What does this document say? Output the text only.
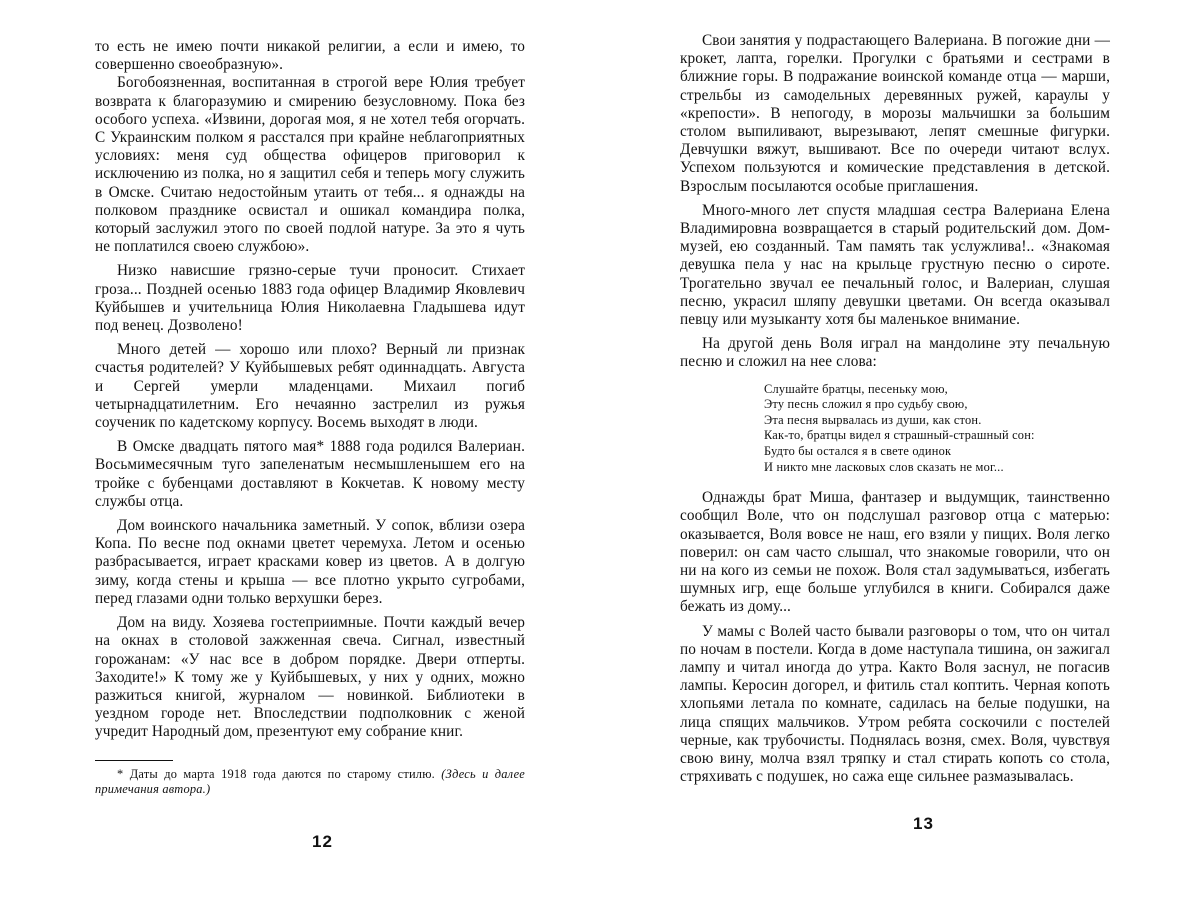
то есть не имею почти никакой религии, а если и имею, то совершенно своеобразную».

Богобоязненная, воспитанная в строгой вере Юлия требует возврата к благоразумию и смирению безусловному. Пока без особого успеха. «Извини, дорогая моя, я не хотел тебя огорчать. С Украинским полком я расстался при крайне неблагоприятных условиях: меня суд общества офицеров приговорил к исключению из полка, но я защитил себя и теперь могу служить в Омске. Считаю недостойным утаить от тебя... я однажды на полковом празднике освистал и ошикал командира полка, который заслужил этого по своей подлой натуре. За это я чуть не поплатился своею службою».

Низко нависшие грязно-серые тучи проносит. Стихает гроза... Поздней осенью 1883 года офицер Владимир Яковлевич Куйбышев и учительница Юлия Николаевна Гладышева идут под венец. Дозволено!

Много детей — хорошо или плохо? Верный ли признак счастья родителей? У Куйбышевых ребят одиннадцать. Августа и Сергей умерли младенцами. Михаил погиб четырнадцатилетним. Его нечаянно застрелил из ружья соученик по кадетскому корпусу. Восемь выходят в люди.

В Омске двадцать пятого мая* 1888 года родился Валериан. Восьмимесячным туго запеленатым несмышленышем его на тройке с бубенцами доставляют в Кокчетав. К новому месту службы отца.

Дом воинского начальника заметный. У сопок, вблизи озера Копа. По весне под окнами цветет черемуха. Летом и осенью разбрасывается, играет красками ковер из цветов. А в долгую зиму, когда стены и крыша — все плотно укрыто сугробами, перед глазами одни только верхушки берез.

Дом на виду. Хозяева гостеприимные. Почти каждый вечер на окнах в столовой зажженная свеча. Сигнал, известный горожанам: «У нас все в добром порядке. Двери отперты. Заходите!» К тому же у Куйбышевых, у них у одних, можно разжиться книгой, журналом — новинкой. Библиотеки в уездном городе нет. Впоследствии подполковник с женой учредит Народный дом, презентуют ему собрание книг.

* Даты до марта 1918 года даются по старому стилю. (Здесь и далее примечания автора.)

12

Свои занятия у подрастающего Валериана. В погожие дни — крокет, лапта, горелки. Прогулки с братьями и сестрами в ближние горы. В подражание воинской команде отца — марши, стрельбы из самодельных деревянных ружей, караулы у «крепости». В непогоду, в морозы мальчишки за большим столом выпиливают, вырезывают, лепят смешные фигурки. Девчушки вяжут, вышивают. Все по очереди читают вслух. Успехом пользуются и комические представления в детской. Взрослым посылаются особые приглашения.

Много-много лет спустя младшая сестра Валериана Елена Владимировна возвращается в старый родительский дом. Дом-музей, ею созданный. Там память так услужлива!.. «Знакомая девушка пела у нас на крыльце грустную песню о сироте. Трогательно звучал ее печальный голос, и Валериан, слушая песню, украсил шляпу девушки цветами. Он всегда оказывал певцу или музыканту хотя бы маленькое внимание.

На другой день Воля играл на мандолине эту печальную песню и сложил на нее слова:

Слушайте братцы, песеньку мою,
Эту песнь сложил я про судьбу свою,
Эта песня вырвалась из души, как стон.
Как-то, братцы видел я страшный-страшный сон:
Будто бы остался я в свете одинок
И никто мне ласковых слов сказать не мог...

Однажды брат Миша, фантазер и выдумщик, таинственно сообщил Воле, что он подслушал разговор отца с матерью: оказывается, Воля вовсе не наш, его взяли у пищих. Воля легко поверил: он сам часто слышал, что знакомые говорили, что он ни на кого из семьи не похож. Воля стал задумываться, избегать шумных игр, еще больше углубился в книги. Собирался даже бежать из дому...

У мамы с Волей часто бывали разговоры о том, что он читал по ночам в постели. Когда в доме наступала тишина, он зажигал лампу и читал иногда до утра. Както Воля заснул, не погасив лампы. Керосин догорел, и фитиль стал коптить. Черная копоть хлопьями летала по комнате, садилась на белые подушки, на лица спящих мальчиков. Утром ребята соскочили с постелей черные, как трубочисты. Поднялась возня, смех. Воля, чувствуя свою вину, молча взял тряпку и стал стирать копоть со стола, стряхивать с подушек, но сажа еще сильнее размазывалась.

13
